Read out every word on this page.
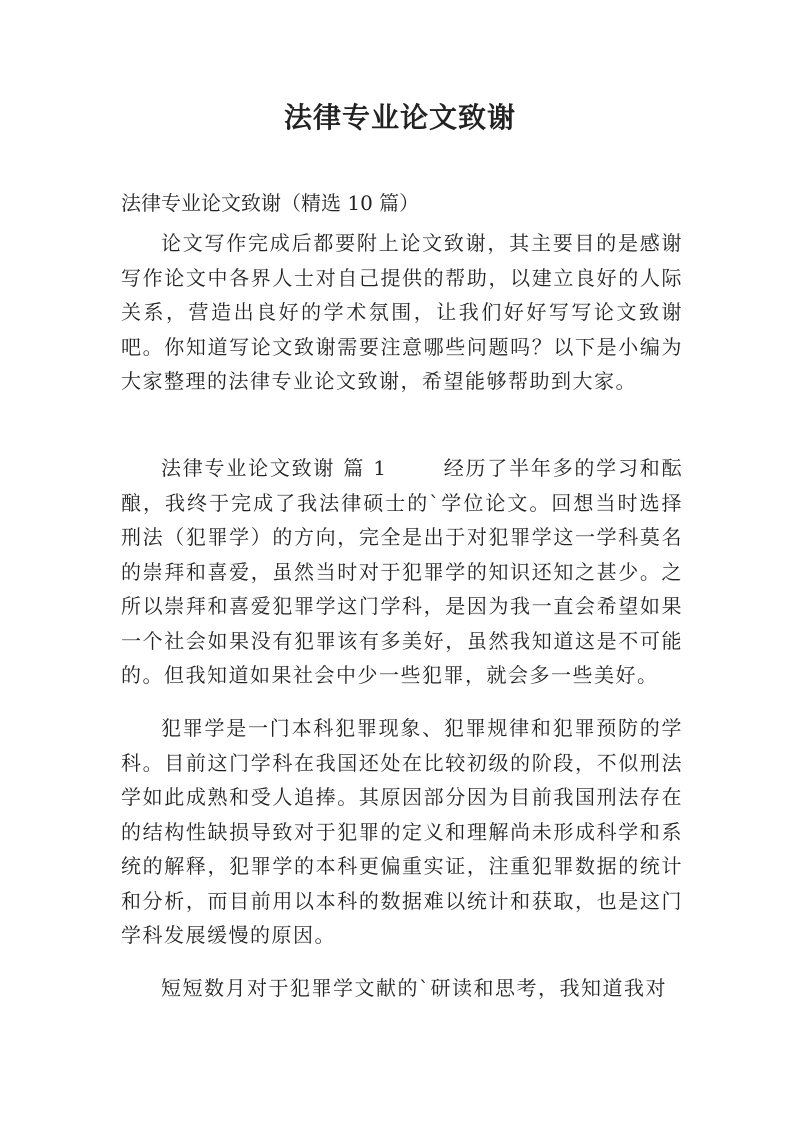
法律专业论文致谢
法律专业论文致谢（精选 10 篇）

论文写作完成后都要附上论文致谢，其主要目的是感谢写作论文中各界人士对自己提供的帮助，以建立良好的人际关系，营造出良好的学术氛围，让我们好好写写论文致谢吧。你知道写论文致谢需要注意哪些问题吗？以下是小编为大家整理的法律专业论文致谢，希望能够帮助到大家。

法律专业论文致谢 篇 1	经历了半年多的学习和酝酿，我终于完成了我法律硕士的`学位论文。回想当时选择刑法（犯罪学）的方向，完全是出于对犯罪学这一学科莫名的崇拜和喜爱，虽然当时对于犯罪学的知识还知之甚少。之所以崇拜和喜爱犯罪学这门学科，是因为我一直会希望如果一个社会如果没有犯罪该有多美好，虽然我知道这是不可能的。但我知道如果社会中少一些犯罪，就会多一些美好。

犯罪学是一门本科犯罪现象、犯罪规律和犯罪预防的学科。目前这门学科在我国还处在比较初级的阶段，不似刑法学如此成熟和受人追捧。其原因部分因为目前我国刑法存在的结构性缺损导致对于犯罪的定义和理解尚未形成科学和系统的解释，犯罪学的本科更偏重实证，注重犯罪数据的统计和分析，而目前用以本科的数据难以统计和获取，也是这门学科发展缓慢的原因。

短短数月对于犯罪学文献的`研读和思考，我知道我对
